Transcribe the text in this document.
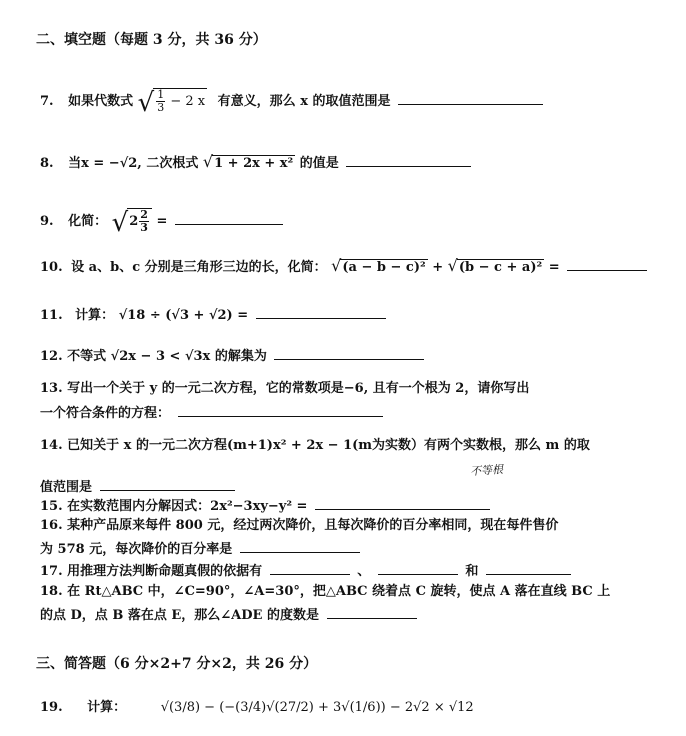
二、填空题（每题 3 分，共 36 分）
7. 如果代数式 √ $\frac{1}{3} - 2$ x 有意义，那么 x 的取值范围是
8. 当x = −√2, 二次根式 √1 + 2x + x² 的值是
9. 化简： $√2 \frac{2}{3}$ =
10. 设 a、b、c 分别是三角形三边的长，化简： √(a − b − c)² + √(b − c + a)² =
11. 计算： √18 ÷ (√3 + √2) =
12. 不等式 √2x − 3 < √3x 的解集为
13. 写出一个关于 y 的一元二次方程，它的常数项是−6, 且有一个根为 2，请你写出
一个符合条件的方程：
14. 已知关于 x 的一元二次方程(m+1)x² + 2x − 1(m为实数）有两个实数根，那么 m 的取
不等根
值范围是
15. 在实数范围内分解因式：2x²−3xy−y² =
16. 某种产品原来每件 800 元，经过两次降价，且每次降价的百分率相同，现在每件售价
为 578 元，每次降价的百分率是
17. 用推理方法判断命题真假的依据有	、	和
18. 在 Rt△ABC 中，∠C=90°，∠A=30°，把△ABC 绕着点 C 旋转，使点 A 落在直线 BC 上
的点 D，点 B 落在点 E，那么∠ADE 的度数是
三、简答题（6 分×2+7 分×2，共 26 分）
19. 计算：	√(3/8) − (−(3/4)√(27/2) + 3√(1/6)) − 2√2 × √12
